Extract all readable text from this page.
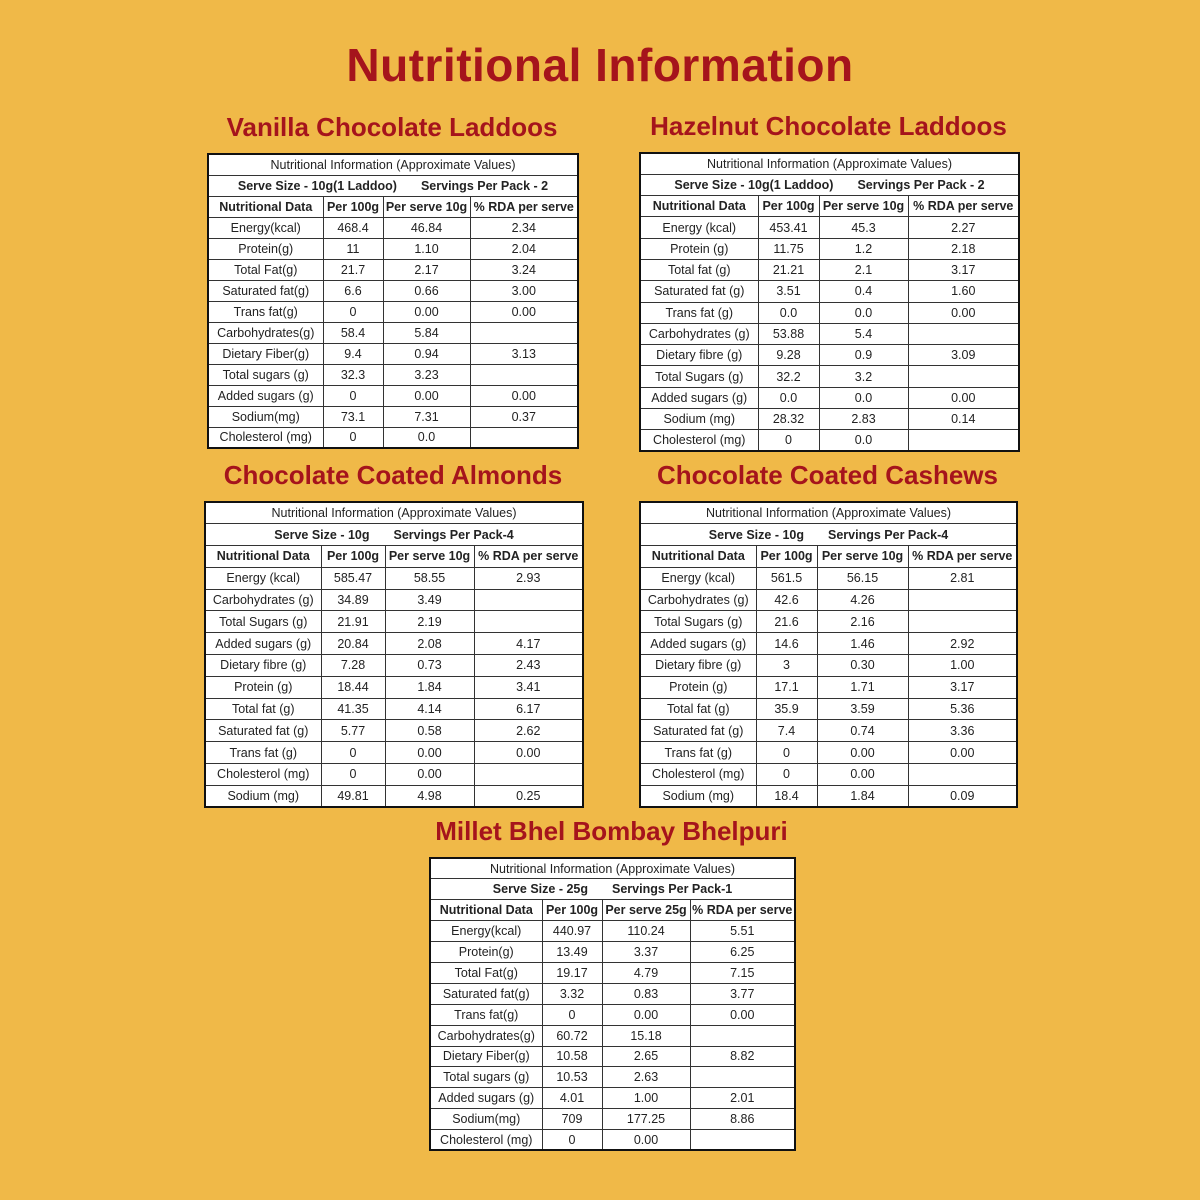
Nutritional Information
Vanilla Chocolate Laddoos
Nutritional Information (Approximate Values)			
Serve Size - 10g(1 Laddoo) Servings Per Pack - 2			
Nutritional Data	Per 100g	Per serve 10g	% RDA per serve
Energy(kcal)	468.4	46.84	2.34
Protein(g)	11	1.10	2.04
Total Fat(g)	21.7	2.17	3.24
Saturated fat(g)	6.6	0.66	3.00
Trans fat(g)	0	0.00	0.00
Carbohydrates(g)	58.4	5.84	
Dietary Fiber(g)	9.4	0.94	3.13
Total sugars (g)	32.3	3.23	
Added sugars (g)	0	0.00	0.00
Sodium(mg)	73.1	7.31	0.37
Cholesterol (mg)	0	0.0	
Hazelnut Chocolate Laddoos
Nutritional Information (Approximate Values)			
Serve Size - 10g(1 Laddoo) Servings Per Pack - 2			
Nutritional Data	Per 100g	Per serve 10g	% RDA per serve
Energy (kcal)	453.41	45.3	2.27
Protein (g)	11.75	1.2	2.18
Total fat (g)	21.21	2.1	3.17
Saturated fat (g)	3.51	0.4	1.60
Trans fat (g)	0.0	0.0	0.00
Carbohydrates (g)	53.88	5.4	
Dietary fibre (g)	9.28	0.9	3.09
Total Sugars (g)	32.2	3.2	
Added sugars (g)	0.0	0.0	0.00
Sodium (mg)	28.32	2.83	0.14
Cholesterol (mg)	0	0.0	
Chocolate Coated Almonds
Nutritional Information (Approximate Values)			
Serve Size - 10g Servings Per Pack-4			
Nutritional Data	Per 100g	Per serve 10g	% RDA per serve
Energy (kcal)	585.47	58.55	2.93
Carbohydrates (g)	34.89	3.49	
Total Sugars (g)	21.91	2.19	
Added sugars (g)	20.84	2.08	4.17
Dietary fibre (g)	7.28	0.73	2.43
Protein (g)	18.44	1.84	3.41
Total fat (g)	41.35	4.14	6.17
Saturated fat (g)	5.77	0.58	2.62
Trans fat (g)	0	0.00	0.00
Cholesterol (mg)	0	0.00	
Sodium (mg)	49.81	4.98	0.25
Chocolate Coated Cashews
Nutritional Information (Approximate Values)			
Serve Size - 10g Servings Per Pack-4			
Nutritional Data	Per 100g	Per serve 10g	% RDA per serve
Energy (kcal)	561.5	56.15	2.81
Carbohydrates (g)	42.6	4.26	
Total Sugars (g)	21.6	2.16	
Added sugars (g)	14.6	1.46	2.92
Dietary fibre (g)	3	0.30	1.00
Protein (g)	17.1	1.71	3.17
Total fat (g)	35.9	3.59	5.36
Saturated fat (g)	7.4	0.74	3.36
Trans fat (g)	0	0.00	0.00
Cholesterol (mg)	0	0.00	
Sodium (mg)	18.4	1.84	0.09
Millet Bhel Bombay Bhelpuri
Nutritional Information (Approximate Values)			
Serve Size - 25g Servings Per Pack-1			
Nutritional Data	Per 100g	Per serve 25g	% RDA per serve
Energy(kcal)	440.97	110.24	5.51
Protein(g)	13.49	3.37	6.25
Total Fat(g)	19.17	4.79	7.15
Saturated fat(g)	3.32	0.83	3.77
Trans fat(g)	0	0.00	0.00
Carbohydrates(g)	60.72	15.18	
Dietary Fiber(g)	10.58	2.65	8.82
Total sugars (g)	10.53	2.63	
Added sugars (g)	4.01	1.00	2.01
Sodium(mg)	709	177.25	8.86
Cholesterol (mg)	0	0.00	
